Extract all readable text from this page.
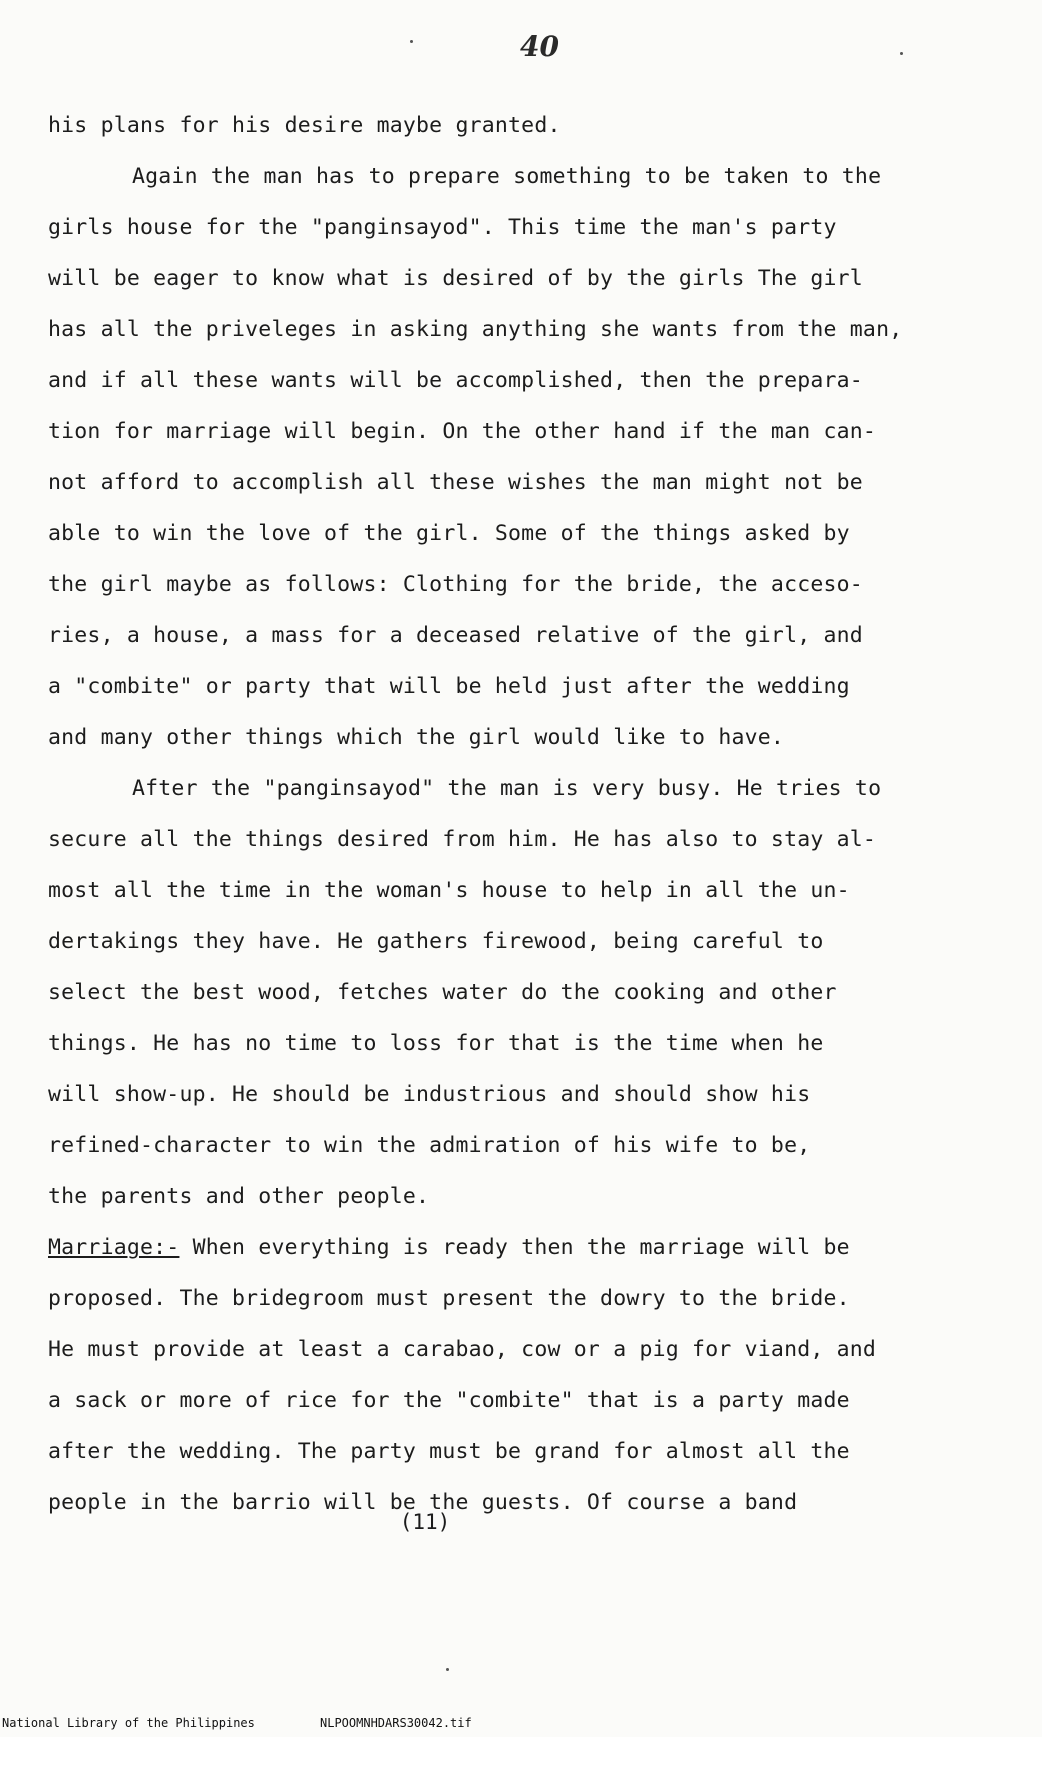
40
his plans for his desire maybe granted.
Again the man has to prepare something to be taken to the
girls house for the "panginsayod". This time the man's party
will be eager to know what is desired of by the girls The girl
has all the priveleges in asking anything she wants from the man,
and if all these wants will be accomplished, then the prepara-
tion for marriage will begin. On the other hand if the man can-
not afford to accomplish all these wishes the man might not be
able to win the love of the girl. Some of the things asked by
the girl maybe as follows: Clothing for the bride, the acceso-
ries, a house, a mass for a deceased relative of the girl, and
a "combite" or party that will be held just after the wedding
and many other things which the girl would like to have.
After the "panginsayod" the man is very busy. He tries to
secure all the things desired from him. He has also to stay al-
most all the time in the woman's house to help in all the un-
dertakings they have. He gathers firewood, being careful to
select the best wood, fetches water do the cooking and other
things. He has no time to loss for that is the time when he
will show-up. He should be industrious and should show his
refined-character to win the admiration of his wife to be,
the parents and other people.
Marriage:- When everything is ready then the marriage will be
proposed. The bridegroom must present the dowry to the bride.
He must provide at least a carabao, cow or a pig for viand, and
a sack or more of rice for the "combite" that is a party made
after the wedding. The party must be grand for almost all the
people in the barrio will be the guests. Of course a band
(11)

National Library of the Philippines

	NLPOOMNHDARS30042.tif
